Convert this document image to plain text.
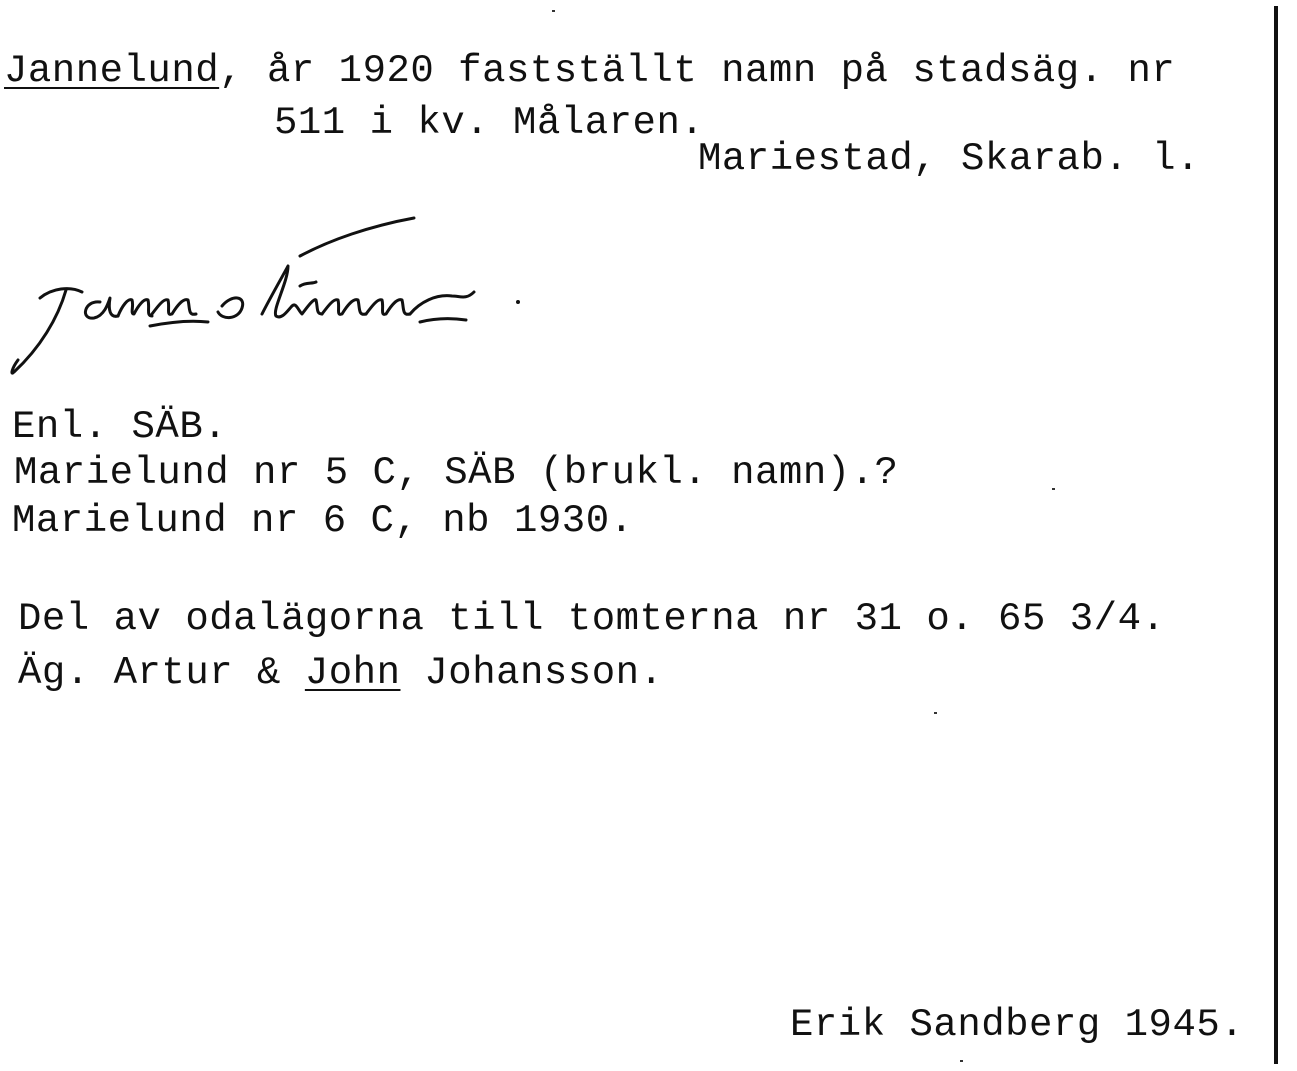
Jannelund, år 1920 fastställt namn på stadsäg. nr
511 i kv. Målaren.
Mariestad, Skarab. l.
Enl. SÄB.
Marielund nr 5 C, SÄB (brukl. namn).?
Marielund nr 6 C, nb 1930.
Del av odalägorna till tomterna nr 31 o. 65 3/4.
Äg. Artur & John Johansson.
Erik Sandberg 1945.
